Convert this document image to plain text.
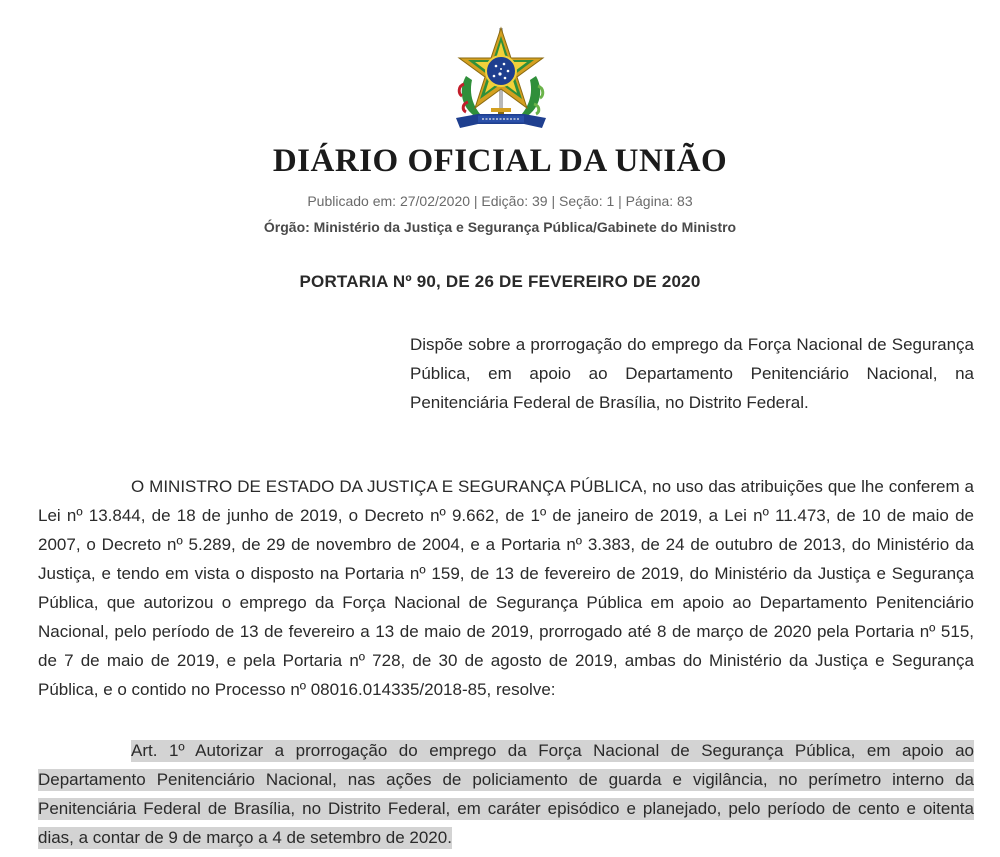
DIÁRIO OFICIAL DA UNIÃO
Publicado em: 27/02/2020 | Edição: 39 | Seção: 1 | Página: 83
Órgão: Ministério da Justiça e Segurança Pública/Gabinete do Ministro
PORTARIA Nº 90, DE 26 DE FEVEREIRO DE 2020
Dispõe sobre a prorrogação do emprego da Força Nacional de Segurança Pública, em apoio ao Departamento Penitenciário Nacional, na Penitenciária Federal de Brasília, no Distrito Federal.
O MINISTRO DE ESTADO DA JUSTIÇA E SEGURANÇA PÚBLICA, no uso das atribuições que lhe conferem a Lei nº 13.844, de 18 de junho de 2019, o Decreto nº 9.662, de 1º de janeiro de 2019, a Lei nº 11.473, de 10 de maio de 2007, o Decreto nº 5.289, de 29 de novembro de 2004, e a Portaria nº 3.383, de 24 de outubro de 2013, do Ministério da Justiça, e tendo em vista o disposto na Portaria nº 159, de 13 de fevereiro de 2019, do Ministério da Justiça e Segurança Pública, que autorizou o emprego da Força Nacional de Segurança Pública em apoio ao Departamento Penitenciário Nacional, pelo período de 13 de fevereiro a 13 de maio de 2019, prorrogado até 8 de março de 2020 pela Portaria nº 515, de 7 de maio de 2019, e pela Portaria nº 728, de 30 de agosto de 2019, ambas do Ministério da Justiça e Segurança Pública, e o contido no Processo nº 08016.014335/2018-85, resolve:
Art. 1º Autorizar a prorrogação do emprego da Força Nacional de Segurança Pública, em apoio ao Departamento Penitenciário Nacional, nas ações de policiamento de guarda e vigilância, no perímetro interno da Penitenciária Federal de Brasília, no Distrito Federal, em caráter episódico e planejado, pelo período de cento e oitenta dias, a contar de 9 de março a 4 de setembro de 2020.
